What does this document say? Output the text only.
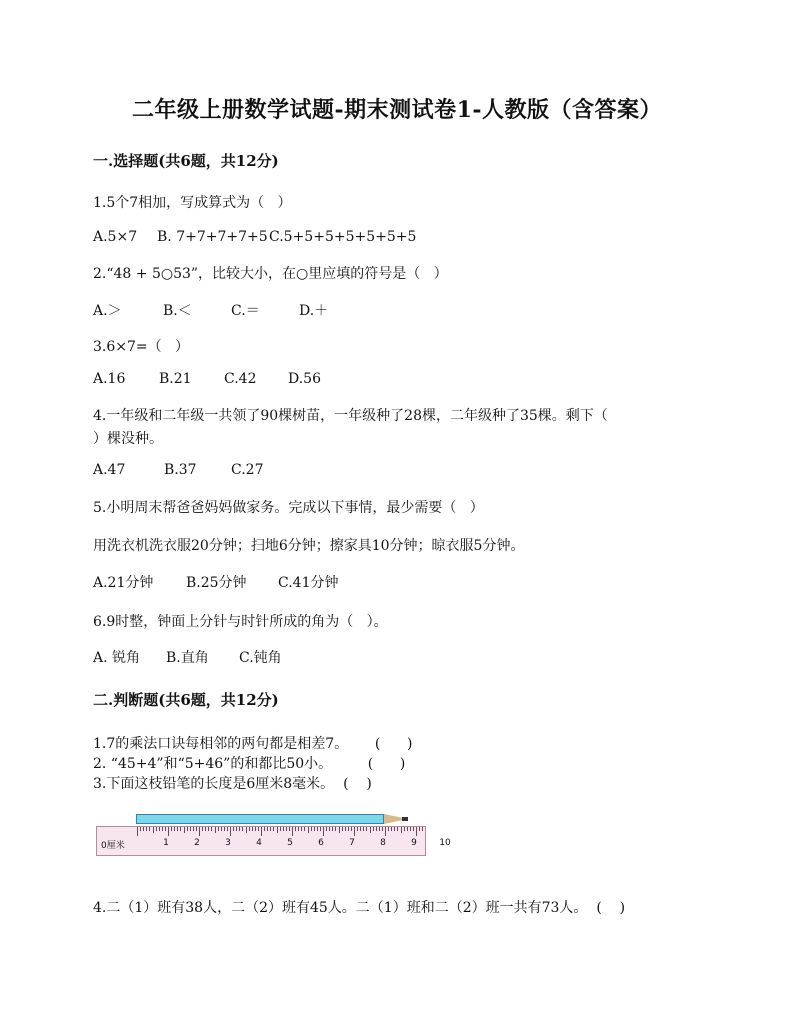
二年级上册数学试题-期末测试卷1-人教版（含答案）
一.选择题(共6题，共12分)
1.5个7相加，写成算式为（   ）
A.5×7	B. 7+7+7+7+5 C.5+5+5+5+5+5+5
2.“48 + 5○53”，比较大小，在○里应填的符号是（   ）
A.＞	B.＜	C.＝	D.＋
3.6×7=（   ）
A.16	B.21	C.42	D.56
4.一年级和二年级一共领了90棵树苗，一年级种了28棵，二年级种了35棵。剩下（
）棵没种。
A.47	B.37	C.27
5.小明周末帮爸爸妈妈做家务。完成以下事情，最少需要（   ）
用洗衣机洗衣服20分钟；扫地6分钟；擦家具10分钟；晾衣服5分钟。
A.21分钟	B.25分钟	C.41分钟
6.9时整，钟面上分针与时针所成的角为（   ）。
A. 锐角	B.直角	C.钝角
二.判断题(共6题，共12分)
1.7的乘法口诀每相邻的两句都是相差7。      (      )
2. “45+4”和“5+46”的和都比50小。        (      )
3.下面这枝铅笔的长度是6厘米8毫米。  (    )
0厘米	1	2	3	4	5	6	7	8	9 10
4.二（1）班有38人，二（2）班有45人。二（1）班和二（2）班一共有73人。  (    )
